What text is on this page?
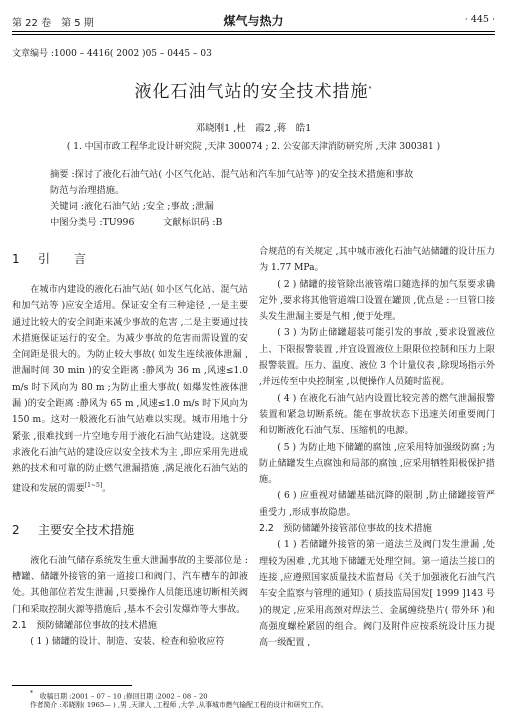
第 22 卷　第 5 期	煤气与热力	· 445 ·
文章编号 :1000 – 4416( 2002 )05 – 0445 – 03
液化石油气站的安全技术措施*
邓晓刚1 ,杜　霞2 ,蒋　皓1
( 1. 中国市政工程华北设计研究院 ,天津 300074 ; 2. 公安部天津消防研究所 ,天津 300381 )
摘要 :探讨了液化石油气站( 小区气化站、混气站和汽车加气站等 )的安全技术措施和事故
防范与治理措施。
关键词 :液化石油气站 ;安全 ;事故 ;泄漏
中图分类号 :TU996	文献标识码 :B
1 引　　言

在城市内建设的液化石油气站( 如小区气化站、混气站和加气站等 )应安全适用。保证安全有三种途径 ,一是主要通过比较大的安全间距来减少事故的危害 ,二是主要通过技术措施保证运行的安全。为减少事故的危害而需设置的安全间距是很大的。为防止较大事故( 如发生连续液体泄漏 ,泄漏时间 30 min )的安全距离 :静风为 36 m ,风速≤1.0 m/s 时下风向为 80 m ;为防止重大事故( 如爆发性液体泄漏 )的安全距离 :静风为 65 m ,风速≤1.0 m/s 时下风向为 150 m。这对一般液化石油气站难以实现。城市用地十分紧张 ,很难找到一片空地专用于液化石油气站建设。这就要求液化石油气站的建设应以安全技术为主 ,即应采用先进成熟的技术和可靠的防止燃气泄漏措施 ,满足液化石油气站的建设和发展的需要[1~5]。

2 主要安全技术措施

液化石油气储存系统发生重大泄漏事故的主要部位是 :槽罐、储罐外接管的第一道接口和阀门、汽车槽车的卸液处。其他部位若发生泄漏 ,只要操作人员能迅速切断相关阀门和采取控制火源等措施后 ,基本不会引发爆炸等大事故。

2.1　预防储罐部位事故的技术措施

( 1 ) 储罐的设计、制造、安装、检查和验收应符

合规范的有关规定 ,其中城市液化石油气站储罐的设计压力为 1.77 MPa。

( 2 ) 储罐的接管除出液管端口随选择的加气泵要求确定外 ,要求将其他管道端口设置在罐顶 ,优点是 :一旦管口接头发生泄漏主要是气相 ,便于处理。

( 3 ) 为防止储罐超装可能引发的事故 ,要求设置液位上、下限报警装置 ,并宜设置液位上限限位控制和压力上限报警装置。压力、温度、液位 3 个计量仪表 ,除现场指示外 ,并远传至中央控制室 ,以便操作人员随时监视。

( 4 ) 在液化石油气站内设置比较完善的燃气泄漏报警装置和紧急切断系统。能在事故状态下迅速关闭重要阀门和切断液化石油气泵、压缩机的电源。

( 5 ) 为防止地下储罐的腐蚀 ,应采用特加强级防腐 ;为防止储罐发生点腐蚀和局部的腐蚀 ,应采用牺牲阳极保护措施。

( 6 ) 应重视对储罐基础沉降的限制 ,防止储罐接管严重受力 ,形成事故隐患。

2.2　预防储罐外接管部位事故的技术措施

( 1 ) 若储罐外接管的第一道法兰及阀门发生泄漏 ,处理较为困难 ,尤其地下储罐无处理空间。第一道法兰接口的连接 ,应遵照国家质量技术监督局《关于加强液化石油气汽车安全监察与管理的通知》( 质技监局国发[ 1999 ]143 号 )的规定 ,应采用高颈对焊法兰、金属缠绕垫片( 带外环 )和高强度螺栓紧固的组合。阀门及附件应按系统设计压力提高一级配置 ,

*　 收稿日期 :2001 – 07 – 10 ;修回日期 :2002 – 08 – 20
作者简介 :邓晓刚( 1965— ) ,男 ,天津人 ,工程师 ,大学 ,从事城市燃气输配工程的设计和研究工作。
